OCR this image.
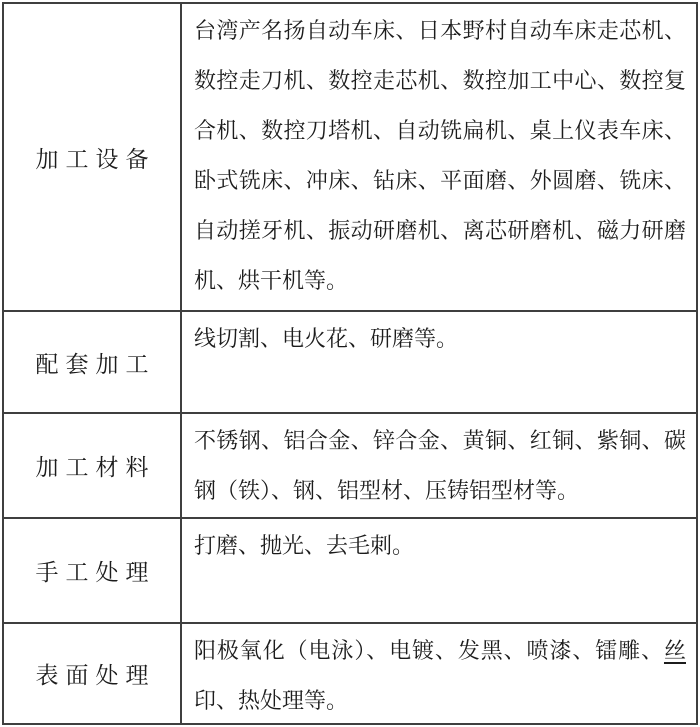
加工设备
台湾产名扬自动车床、日本野村自动车床走芯机、数控走刀机、数控走芯机、数控加工中心、数控复合机、数控刀塔机、自动铣扁机、桌上仪表车床、卧式铣床、冲床、钻床、平面磨、外圆磨、铣床、自动搓牙机、振动研磨机、离芯研磨机、磁力研磨机、烘干机等。
配套加工
线切割、电火花、研磨等。
加工材料
不锈钢、铝合金、锌合金、黄铜、红铜、紫铜、碳钢（铁）、钢、铝型材、压铸铝型材等。
手工处理
打磨、抛光、去毛刺。
表面处理
阳极氧化（电泳）、电镀、发黑、喷漆、镭雕、丝印、热处理等。
